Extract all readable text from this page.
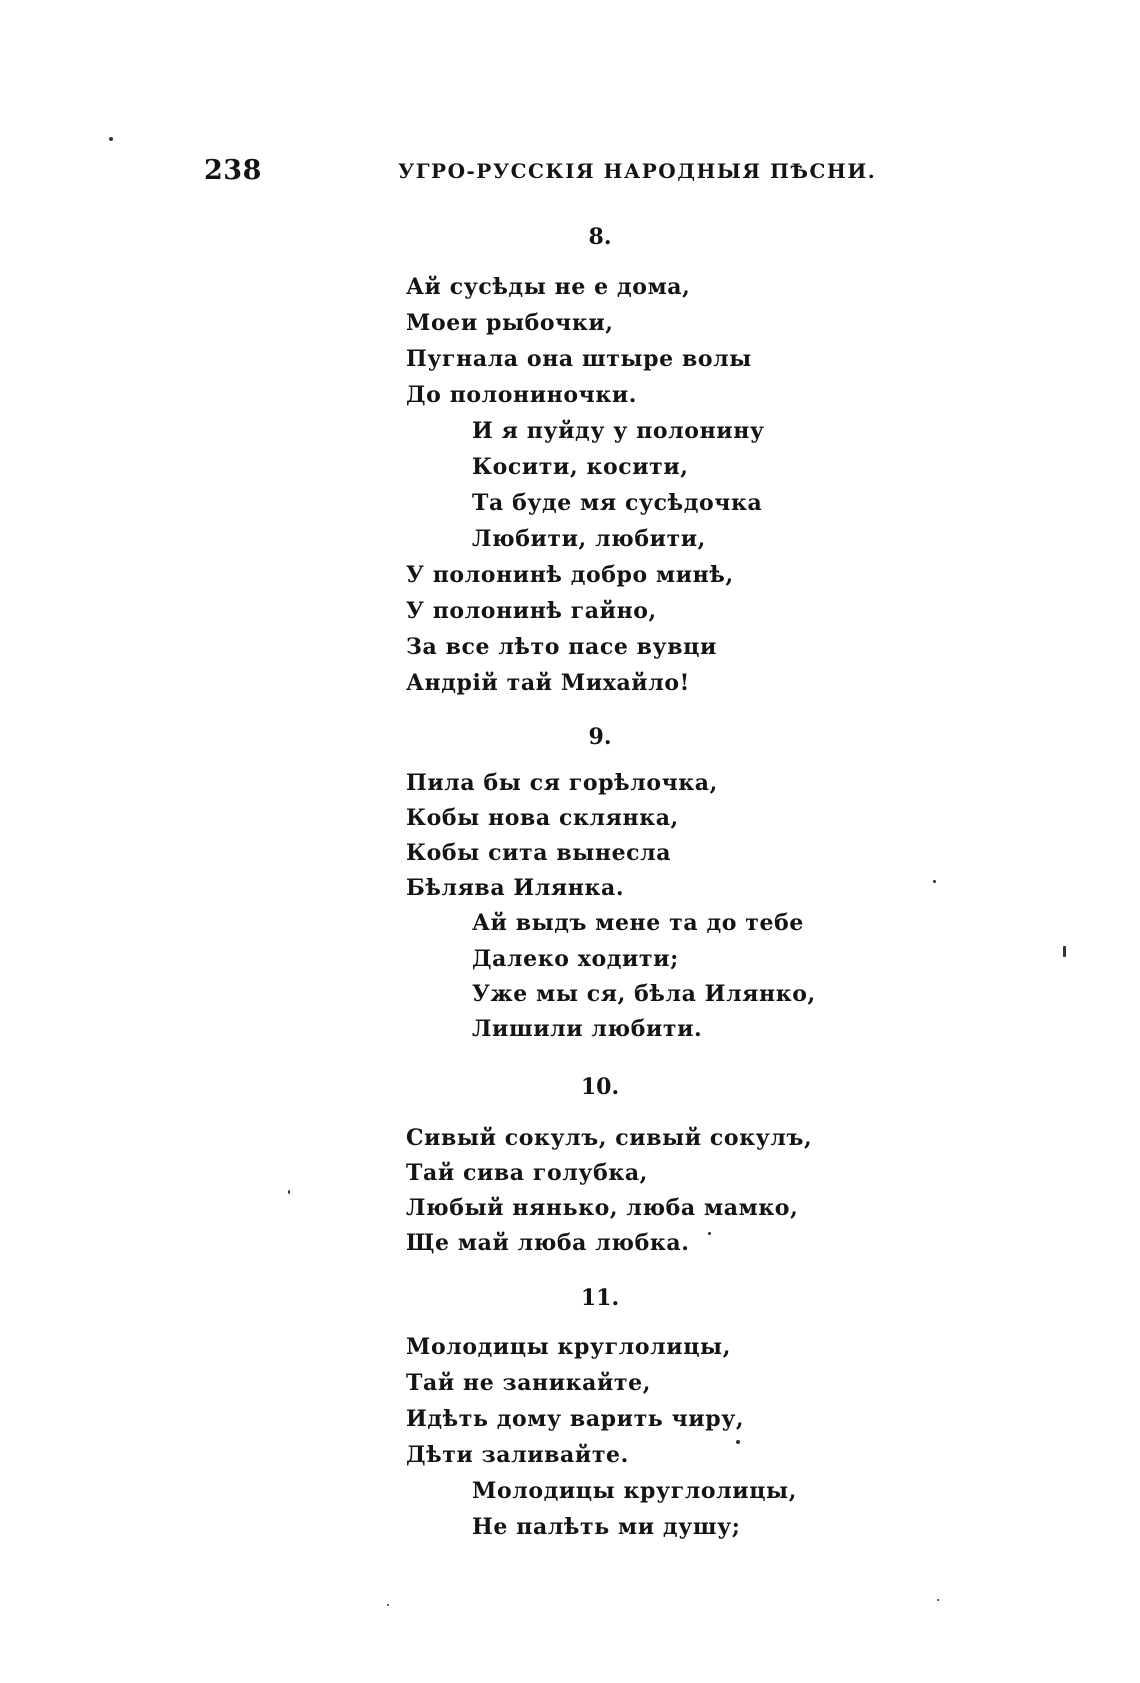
238	УГРО-РУССКІЯ НАРОДНЫЯ ПѢСНИ.
8.
Ай сусѣды не е дома,
Моеи рыбочки,
Пугнала она штыре волы
До полониночки.
И я пуйду у полонину
Косити, косити,
Та буде мя сусѣдочка
Любити, любити,
У полонинѣ добро минѣ,
У полонинѣ гайно,
За все лѣто пасе вувци
Андрій тай Михайло!
9.
Пила бы ся горѣлочка,
Кобы нова склянка,
Кобы сита вынесла
Бѣлява Илянка.
Ай выдъ мене та до тебе
Далеко ходити;
Уже мы ся, бѣла Илянко,
Лишили любити.
10.
Сивый сокулъ, сивый сокулъ,
Тай сива голубка,
Любый нянько, люба мамко,
Ще май люба любка.
11.
Молодицы круглолицы,
Тай не заникайте,
Идѣть дому варить чиру,
Дѣти заливайте.
Молодицы круглолицы,
Не палѣть ми душу;
